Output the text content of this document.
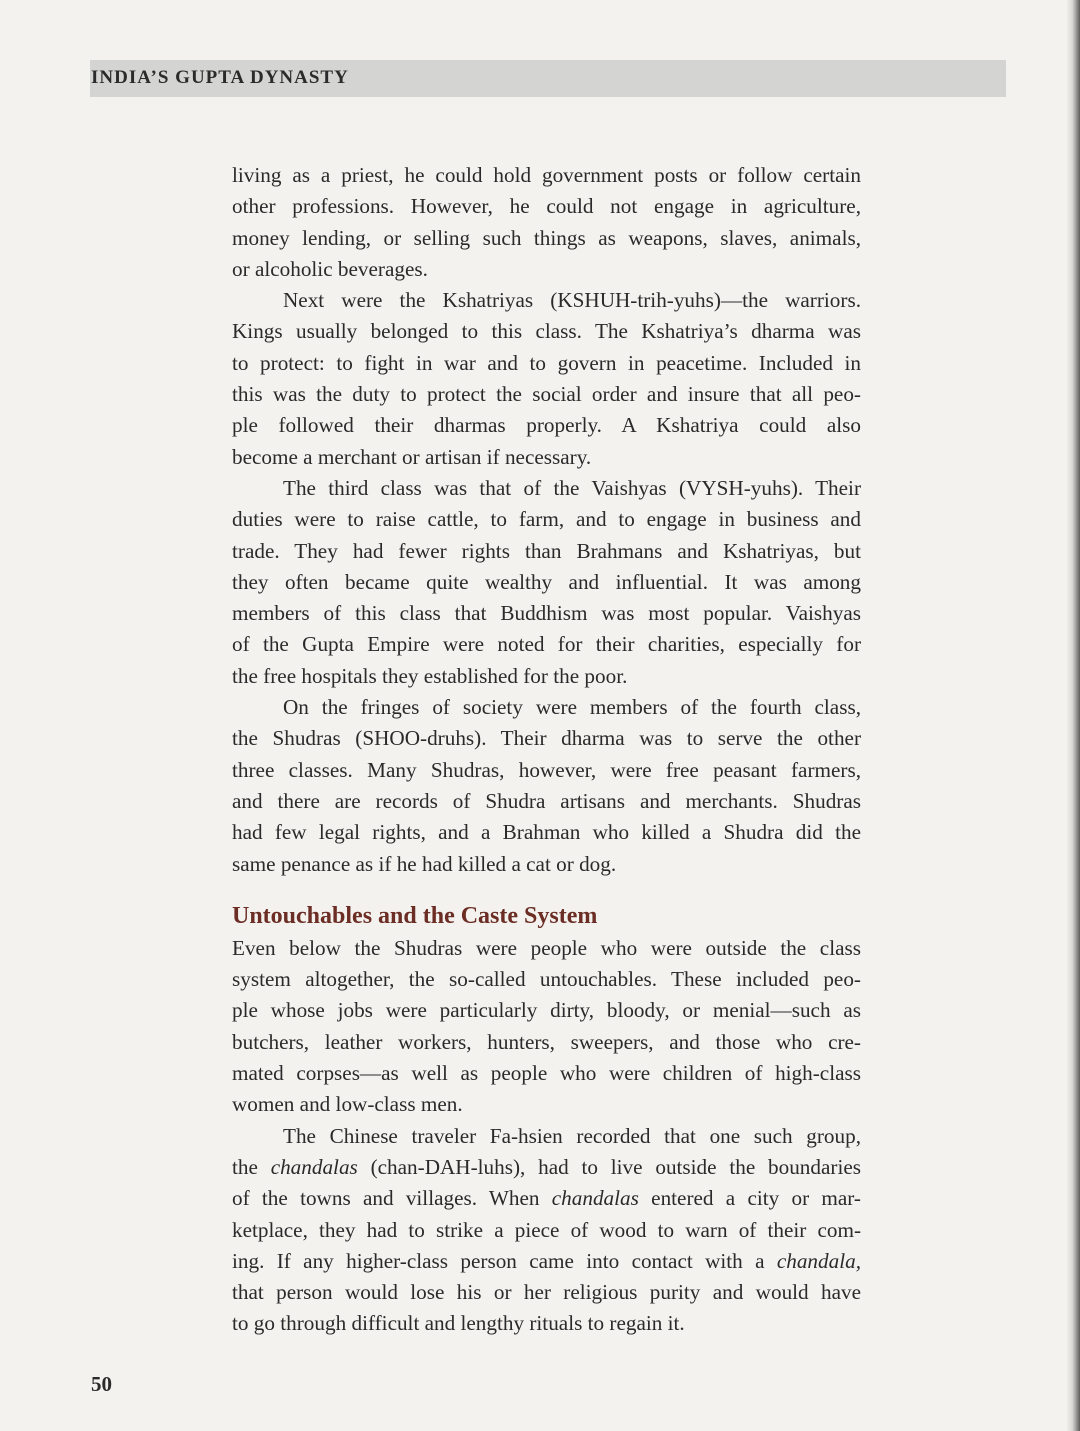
INDIA’S GUPTA DYNASTY
living as a priest, he could hold government posts or follow certain
other professions. However, he could not engage in agriculture,
money lending, or selling such things as weapons, slaves, animals,
or alcoholic beverages.
Next were the Kshatriyas (KSHUH-trih-yuhs)—the warriors.
Kings usually belonged to this class. The Kshatriya’s dharma was
to protect: to fight in war and to govern in peacetime. Included in
this was the duty to protect the social order and insure that all peo-
ple followed their dharmas properly. A Kshatriya could also
become a merchant or artisan if necessary.
The third class was that of the Vaishyas (VYSH-yuhs). Their
duties were to raise cattle, to farm, and to engage in business and
trade. They had fewer rights than Brahmans and Kshatriyas, but
they often became quite wealthy and influential. It was among
members of this class that Buddhism was most popular. Vaishyas
of the Gupta Empire were noted for their charities, especially for
the free hospitals they established for the poor.
On the fringes of society were members of the fourth class,
the Shudras (SHOO-druhs). Their dharma was to serve the other
three classes. Many Shudras, however, were free peasant farmers,
and there are records of Shudra artisans and merchants. Shudras
had few legal rights, and a Brahman who killed a Shudra did the
same penance as if he had killed a cat or dog.
Untouchables and the Caste System
Even below the Shudras were people who were outside the class
system altogether, the so-called untouchables. These included peo-
ple whose jobs were particularly dirty, bloody, or menial—such as
butchers, leather workers, hunters, sweepers, and those who cre-
mated corpses—as well as people who were children of high-class
women and low-class men.
The Chinese traveler Fa-hsien recorded that one such group,
the chandalas (chan-DAH-luhs), had to live outside the boundaries
of the towns and villages. When chandalas entered a city or mar-
ketplace, they had to strike a piece of wood to warn of their com-
ing. If any higher-class person came into contact with a chandala,
that person would lose his or her religious purity and would have
to go through difficult and lengthy rituals to regain it.
50
